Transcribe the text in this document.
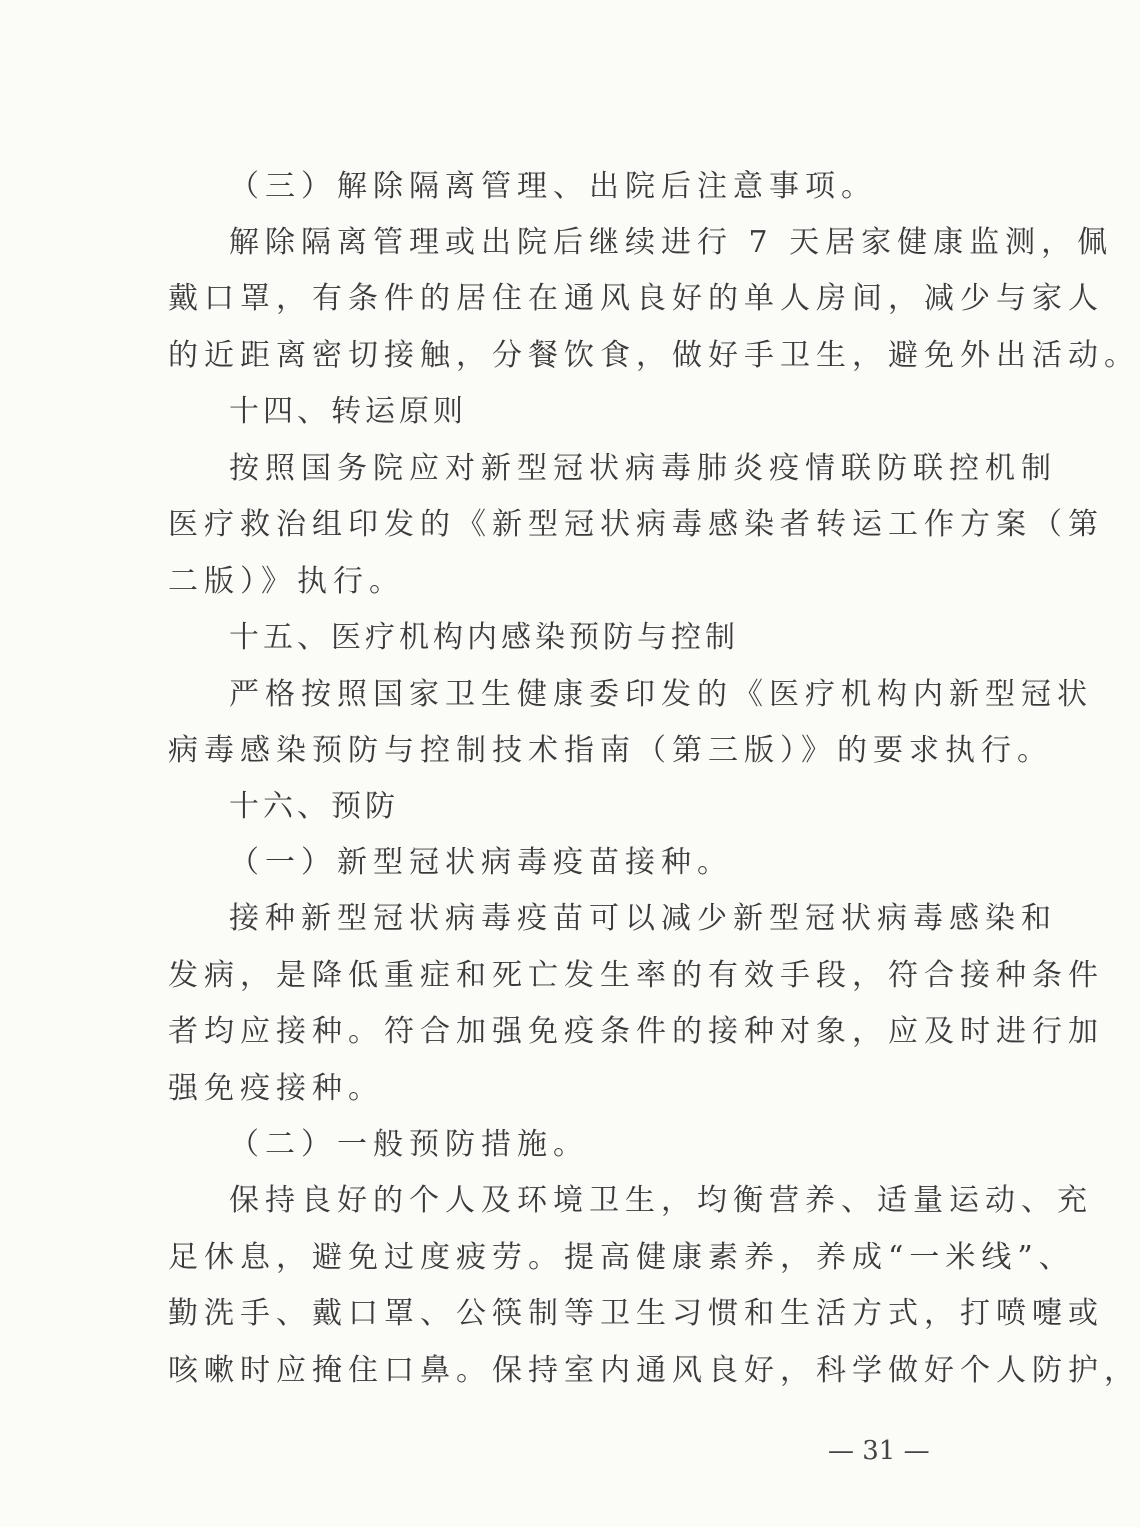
（三）解除隔离管理、出院后注意事项。
解除隔离管理或出院后继续进行 7 天居家健康监测，佩
戴口罩，有条件的居住在通风良好的单人房间，减少与家人
的近距离密切接触，分餐饮食，做好手卫生，避免外出活动。
十四、转运原则
按照国务院应对新型冠状病毒肺炎疫情联防联控机制
医疗救治组印发的《新型冠状病毒感染者转运工作方案（第
二版）》执行。
十五、医疗机构内感染预防与控制
严格按照国家卫生健康委印发的《医疗机构内新型冠状
病毒感染预防与控制技术指南（第三版）》的要求执行。
十六、预防
（一）新型冠状病毒疫苗接种。
接种新型冠状病毒疫苗可以减少新型冠状病毒感染和
发病，是降低重症和死亡发生率的有效手段，符合接种条件
者均应接种。符合加强免疫条件的接种对象，应及时进行加
强免疫接种。
（二）一般预防措施。
保持良好的个人及环境卫生，均衡营养、适量运动、充
足休息，避免过度疲劳。提高健康素养，养成“一米线”、
勤洗手、戴口罩、公筷制等卫生习惯和生活方式，打喷嚏或
咳嗽时应掩住口鼻。保持室内通风良好，科学做好个人防护，
— 31 —
